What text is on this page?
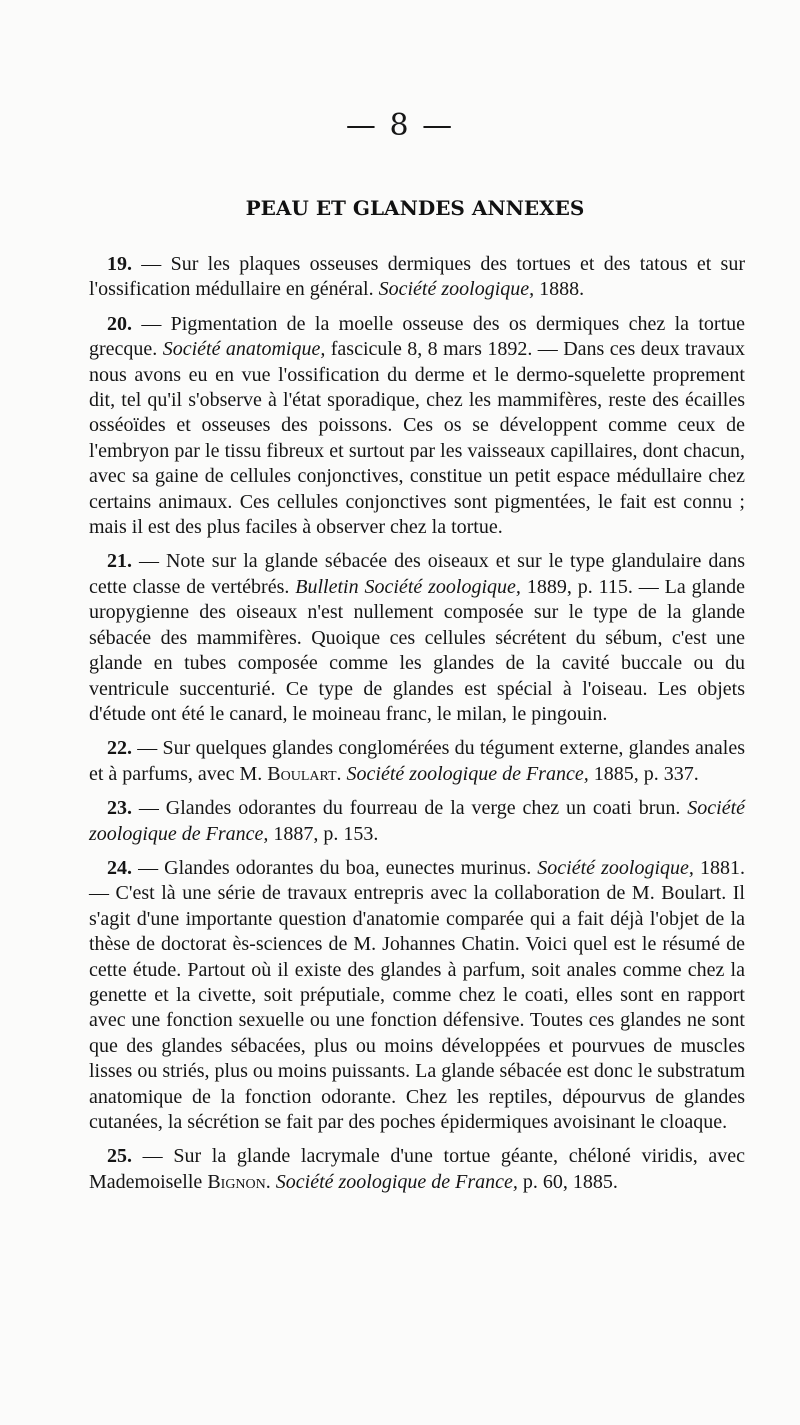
— 8 —
PEAU ET GLANDES ANNEXES

19. — Sur les plaques osseuses dermiques des tortues et des tatous et sur l'ossification médullaire en général. Société zoologique, 1888.

20. — Pigmentation de la moelle osseuse des os dermiques chez la tortue grecque. Société anatomique, fascicule 8, 8 mars 1892. — Dans ces deux travaux nous avons eu en vue l'ossification du derme et le dermo-squelette proprement dit, tel qu'il s'observe à l'état sporadique, chez les mammifères, reste des écailles osséoïdes et osseuses des poissons. Ces os se développent comme ceux de l'embryon par le tissu fibreux et surtout par les vaisseaux capillaires, dont chacun, avec sa gaine de cellules conjonctives, constitue un petit espace médullaire chez certains animaux. Ces cellules conjonctives sont pigmentées, le fait est connu ; mais il est des plus faciles à observer chez la tortue.

21. — Note sur la glande sébacée des oiseaux et sur le type glandulaire dans cette classe de vertébrés. Bulletin Société zoologique, 1889, p. 115. — La glande uropygienne des oiseaux n'est nullement composée sur le type de la glande sébacée des mammifères. Quoique ces cellules sécrétent du sébum, c'est une glande en tubes composée comme les glandes de la cavité buccale ou du ventricule succenturié. Ce type de glandes est spécial à l'oiseau. Les objets d'étude ont été le canard, le moineau franc, le milan, le pingouin.

22. — Sur quelques glandes conglomérées du tégument externe, glandes anales et à parfums, avec M. Boulart. Société zoologique de France, 1885, p. 337.

23. — Glandes odorantes du fourreau de la verge chez un coati brun. Société zoologique de France, 1887, p. 153.

24. — Glandes odorantes du boa, eunectes murinus. Société zoologique, 1881. — C'est là une série de travaux entrepris avec la collaboration de M. Boulart. Il s'agit d'une importante question d'anatomie comparée qui a fait déjà l'objet de la thèse de doctorat ès-sciences de M. Johannes Chatin. Voici quel est le résumé de cette étude. Partout où il existe des glandes à parfum, soit anales comme chez la genette et la civette, soit préputiale, comme chez le coati, elles sont en rapport avec une fonction sexuelle ou une fonction défensive. Toutes ces glandes ne sont que des glandes sébacées, plus ou moins développées et pourvues de muscles lisses ou striés, plus ou moins puissants. La glande sébacée est donc le substratum anatomique de la fonction odorante. Chez les reptiles, dépourvus de glandes cutanées, la sécrétion se fait par des poches épidermiques avoisinant le cloaque.

25. — Sur la glande lacrymale d'une tortue géante, chéloné viridis, avec Mademoiselle Bignon. Société zoologique de France, p. 60, 1885.
